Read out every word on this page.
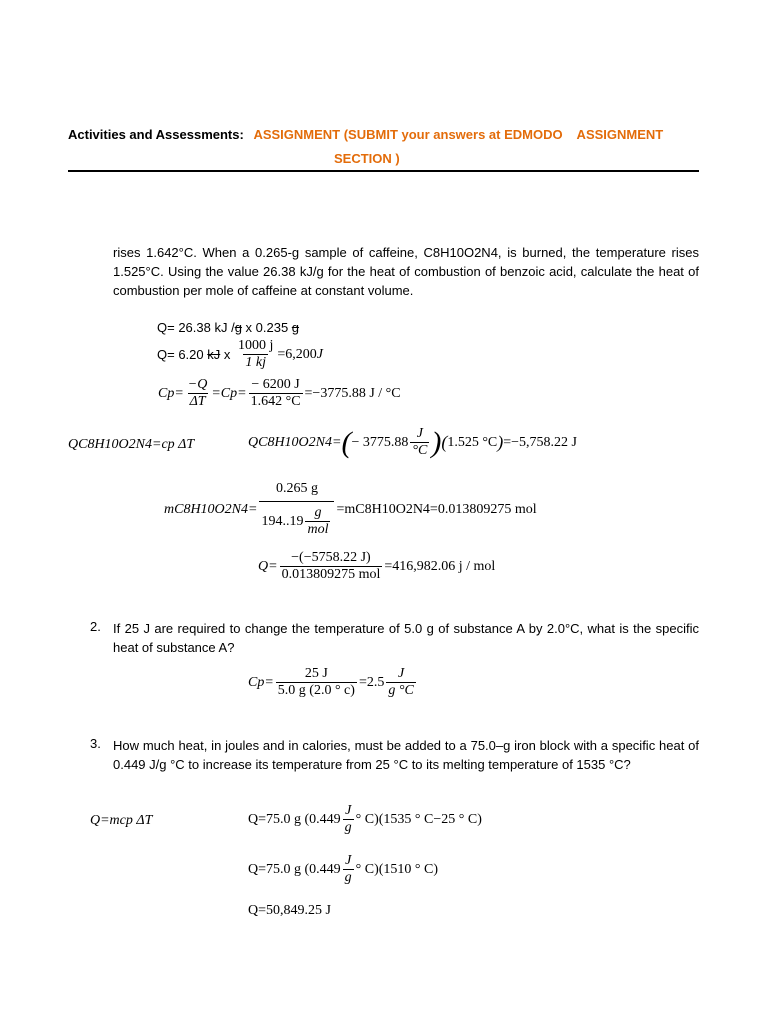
Activities and Assessments: ASSIGNMENT (SUBMIT your answers at EDMODO    ASSIGNMENT
SECTION )
rises 1.642°C. When a 0.265-g sample of caffeine, C8H10O2N4, is burned, the temperature rises 1.525°C. Using the value 26.38 kJ/g for the heat of combustion of benzoic acid, calculate the heat of combustion per mole of caffeine at constant volume.
Q= 26.38 kJ /g x 0.235 g
Q= 6.20 kJ x $\frac{1000 j}{1 kj} =6,200$ J
$Cp= \frac{-Q}{\Delta T} =Cp= \frac{- 6200 J}{1.642 ^\circ C} =-3775.88$ J / °C
QC8H10O2N4=cp ΔT	QC8H10O2N4= ( − $3775.88 \frac{J}{^\circ C}$ ) ( 1.525 °C ) =−5,758.22 J
$mC8H10O2N4= \frac{0.265 g}{194..19 \frac{g}{\text{mol}}} =mC8H10O2N4=0.013809275$ mol
$Q= \frac{-(-5758.22 J)}{\text{0.013809275 mol}} =416,982.06$ j / mol
2. If 25 J are required to change the temperature of 5.0 g of substance A by 2.0°C, what is the specific heat of substance A?
$Cp= \frac{25 J}{5.0 g (2.0 ^\circ c)} =2.5 \frac{J}{g ^\circ C}$
3. How much heat, in joules and in calories, must be added to a 75.0–g iron block with a specific heat of 0.449 J/g °C to increase its temperature from 25 °C to its melting temperature of 1535 °C?
Q=mcp ΔT	Q=75.0 g ($0.449 \frac{J}{g}$ ° C)(1535 ° C−25 ° C)
Q=75.0 g ($0.449 \frac{J}{g}$ ° C)(1510 ° C)
Q=50,849.25 J
